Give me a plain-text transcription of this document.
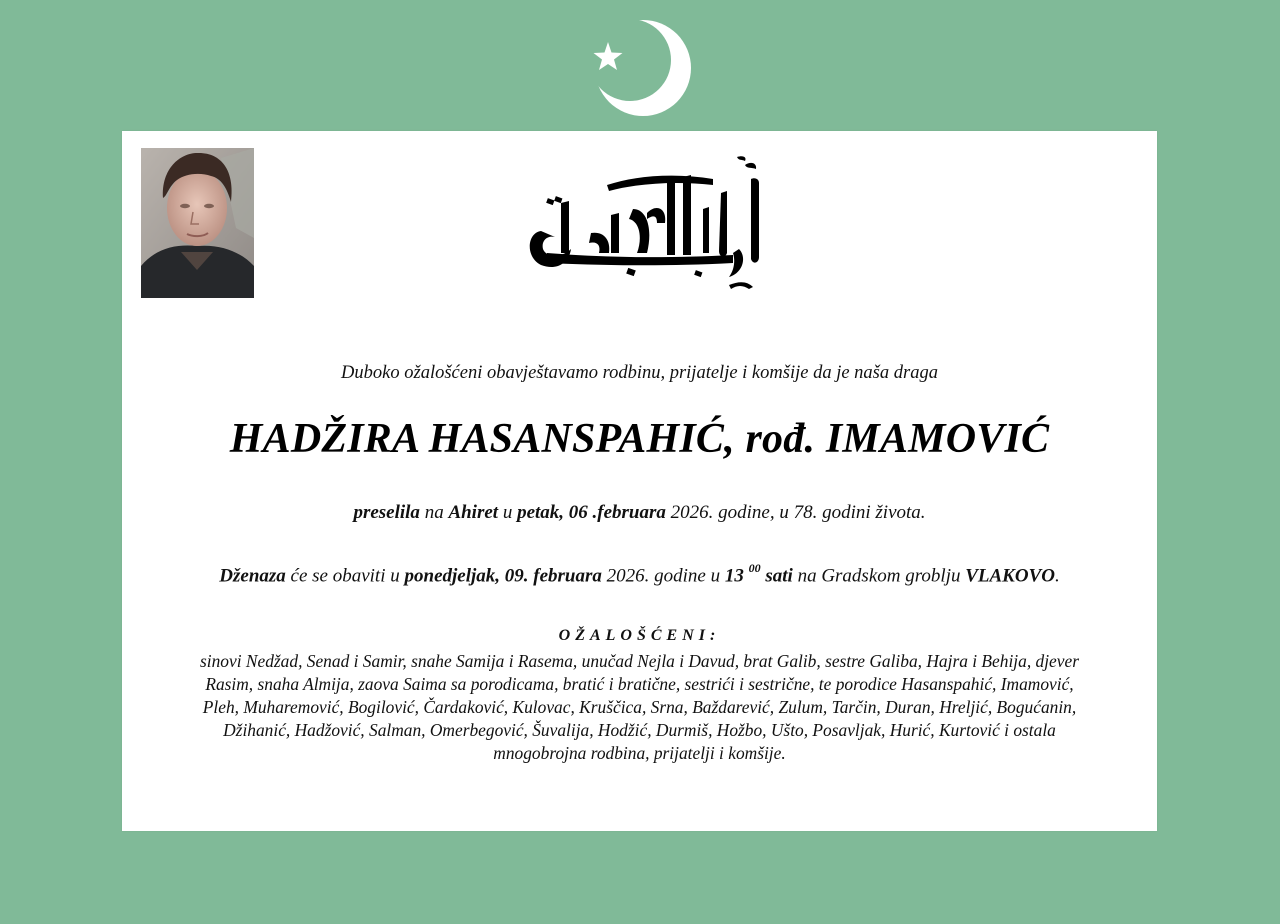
Duboko ožalošćeni obavještavamo rodbinu, prijatelje i komšije da je naša draga
HADŽIRA HASANSPAHIĆ, rođ. IMAMOVIĆ
preselila na Ahiret u petak, 06 .februara 2026. godine, u 78. godini života.
Dženaza će se obaviti u ponedjeljak, 09. februara 2026. godine u 13 $^{00}$ sati na Gradskom groblju VLAKOVO.
OŽALOŠĆENI:
sinovi Nedžad, Senad i Samir, snahe Samija i Rasema, unučad Nejla i Davud, brat Galib, sestre Galiba, Hajra i Behija, djever
Rasim, snaha Almija, zaova Saima sa porodicama, bratić i bratične, sestrići i sestrične, te porodice Hasanspahić, Imamović,
Pleh, Muharemović, Bogilović, Čardaković, Kulovac, Kruščica, Srna, Baždarević, Zulum, Tarčin, Duran, Hreljić, Bogućanin,
Džihanić, Hadžović, Salman, Omerbegović, Šuvalija, Hodžić, Durmiš, Hožbo, Ušto, Posavljak, Hurić, Kurtović i ostala
mnogobrojna rodbina, prijatelji i komšije.
